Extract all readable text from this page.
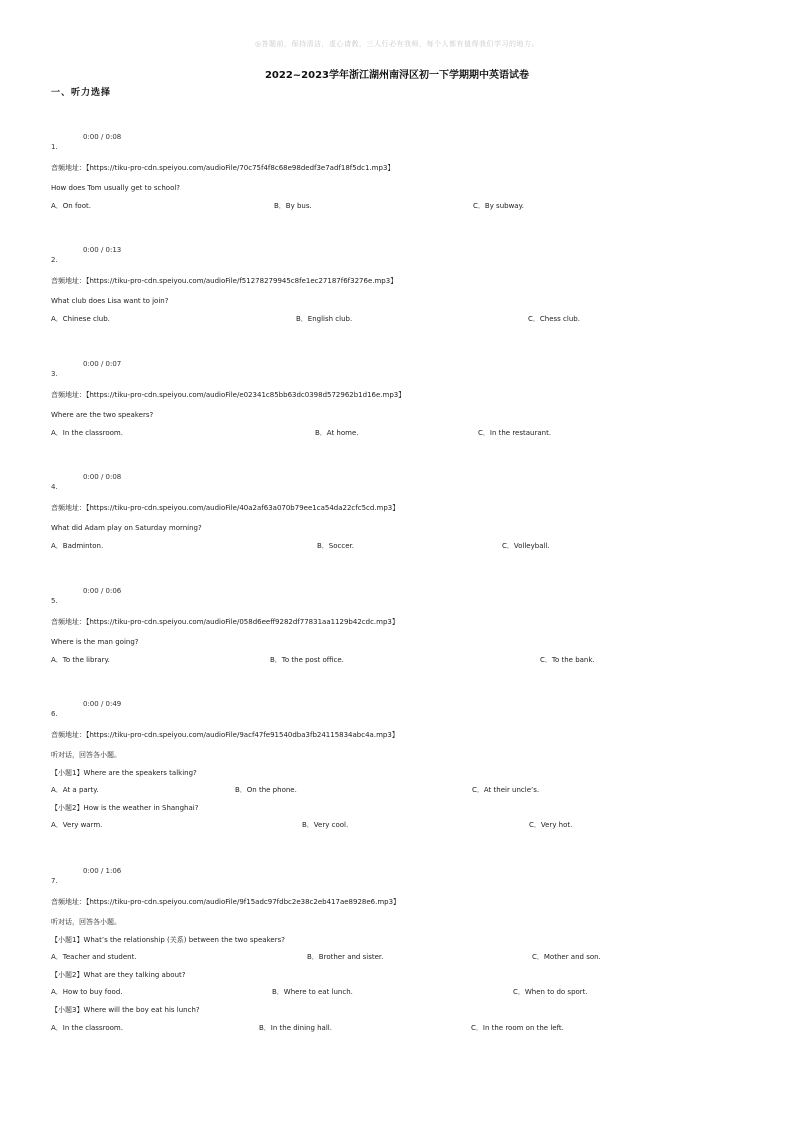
◎答题前，保持清洁，虚心请教，三人行必有我师，每个人都有值得我们学习的地方。
2022~2023学年浙江湖州南浔区初一下学期期中英语试卷
一、听力选择
0:00 / 0:08
1.
音频地址：【https://tiku-pro-cdn.speiyou.com/audioFile/70c75f4f8c68e98dedf3e7adf18f5dc1.mp3】
How does Tom usually get to school?
A．On foot.	B．By bus.	C．By subway.
0:00 / 0:13
2.
音频地址：【https://tiku-pro-cdn.speiyou.com/audioFile/f51278279945c8fe1ec27187f6f3276e.mp3】
What club does Lisa want to join?
A．Chinese club.	B．English club.	C．Chess club.
0:00 / 0:07
3.
音频地址：【https://tiku-pro-cdn.speiyou.com/audioFile/e02341c85bb63dc0398d572962b1d16e.mp3】
Where are the two speakers?
A．In the classroom.	B．At home.	C．In the restaurant.
0:00 / 0:08
4.
音频地址：【https://tiku-pro-cdn.speiyou.com/audioFile/40a2af63a070b79ee1ca54da22cfc5cd.mp3】
What did Adam play on Saturday morning?
A．Badminton.	B．Soccer.	C．Volleyball.
0:00 / 0:06
5.
音频地址：【https://tiku-pro-cdn.speiyou.com/audioFile/058d6eeff9282df77831aa1129b42cdc.mp3】
Where is the man going?
A．To the library.	B．To the post office.	C．To the bank.
0:00 / 0:49
6.
音频地址：【https://tiku-pro-cdn.speiyou.com/audioFile/9acf47fe91540dba3fb24115834abc4a.mp3】
听对话，回答各小题。
【小题1】Where are the speakers talking?
A．At a party.	B．On the phone.	C．At their uncle’s.
【小题2】How is the weather in Shanghai?
A．Very warm.	B．Very cool.	C．Very hot.
0:00 / 1:06
7.
音频地址：【https://tiku-pro-cdn.speiyou.com/audioFile/9f15adc97fdbc2e38c2eb417ae8928e6.mp3】
听对话，回答各小题。
【小题1】What’s the relationship (关系) between the two speakers?
A．Teacher and student.	B．Brother and sister.	C．Mother and son.
【小题2】What are they talking about?
A．How to buy food.	B．Where to eat lunch.	C．When to do sport.
【小题3】Where will the boy eat his lunch?
A．In the classroom.	B．In the dining hall.	C．In the room on the left.
